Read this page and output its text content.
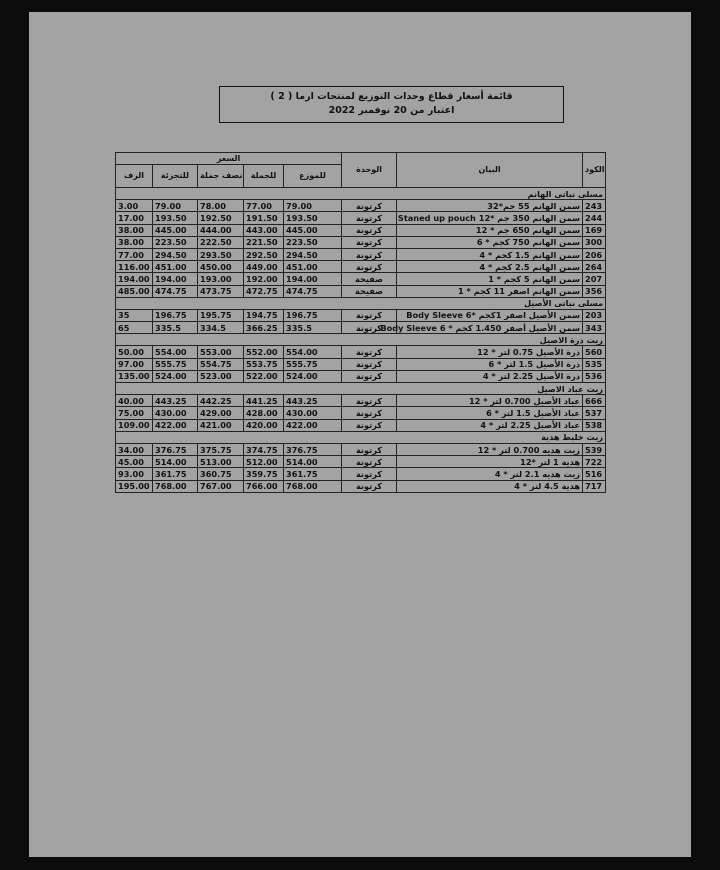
قائمة أسعار قطاع وحدات التوزيع لمنتجات ارما ( 2 )
اعتبار من 20 نوفمبر 2022
السعر					الوحدة	البيان	الكود
الرف	للتجزئة	نصف جملة	للجملة	للموزع			
مسلى نباتى الهانم							
3.00	79.00	78.00	77.00	79.00	كرتونة	سمن الهانم 55 جم*32	243
17.00	193.50	192.50	191.50	193.50	كرتونة	سمن الهانم 350 جم *12 Staned up pouch	244
38.00	445.00	444.00	443.00	445.00	كرتونة	سمن الهانم 650 جم * 12	169
38.00	223.50	222.50	221.50	223.50	كرتونة	سمن الهانم 750 كجم * 6	300
77.00	294.50	293.50	292.50	294.50	كرتونة	سمن الهانم 1.5 كجم * 4	206
116.00	451.00	450.00	449.00	451.00	كرتونة	سمن الهانم 2.5 كجم * 4	264
194.00	194.00	193.00	192.00	194.00	صفيحة	سمن الهانم 5 كجم * 1	207
485.00	474.75	473.75	472.75	474.75	صفيحة	سمن الهانم اصفر 11 كجم * 1	356
مسلى نباتى الأصيل							
35	196.75	195.75	194.75	196.75	كرتونة	سمن الأصيل اصفر 1كجم *6 Body Sleeve	203
65	335.5	334.5	366.25	335.5	كرتونة	سمن الأصيل أصفر 1.450 كجم * 6 Body Sleeve	343
زيت ذرة الاصيل							
50.00	554.00	553.00	552.00	554.00	كرتونة	ذرة الأصيل 0.75 لتر * 12	560
97.00	555.75	554.75	553.75	555.75	كرتونة	ذرة الأصيل 1.5 لتر * 6	535
135.00	524.00	523.00	522.00	524.00	كرتونة	ذرة الأصيل 2.25 لتر * 4	536
زيت عباد الاصيل							
40.00	443.25	442.25	441.25	443.25	كرتونة	عباد الأصيل 0.700 لتر * 12	666
75.00	430.00	429.00	428.00	430.00	كرتونة	عباد الأصيل 1.5 لتر * 6	537
109.00	422.00	421.00	420.00	422.00	كرتونة	عباد الأصيل 2.25 لتر * 4	538
زيت خليط هدية							
34.00	376.75	375.75	374.75	376.75	كرتونة	زيت هديه 0.700 لتر * 12	539
45.00	514.00	513.00	512.00	514.00	كرتونة	هدية 1 لتر *12	722
93.00	361.75	360.75	359.75	361.75	كرتونة	زيت هديه 2.1 لتر * 4	516
195.00	768.00	767.00	766.00	768.00	كرتونة	هدية 4.5 لتر * 4	717
